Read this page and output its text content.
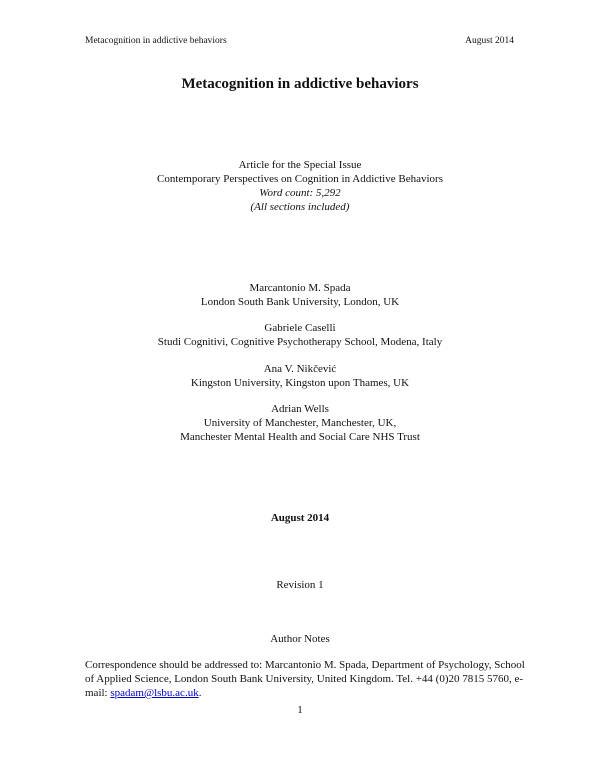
Metacognition in addictive behaviors	August 2014
Metacognition in addictive behaviors
Article for the Special Issue
Contemporary Perspectives on Cognition in Addictive Behaviors
Word count: 5,292
(All sections included)
Marcantonio M. Spada
London South Bank University, London, UK
Gabriele Caselli
Studi Cognitivi, Cognitive Psychotherapy School, Modena, Italy
Ana V. Nikčević
Kingston University, Kingston upon Thames, UK
Adrian Wells
University of Manchester, Manchester, UK,
Manchester Mental Health and Social Care NHS Trust
August 2014
Revision 1
Author Notes
Correspondence should be addressed to: Marcantonio M. Spada, Department of Psychology, School of Applied Science, London South Bank University, United Kingdom. Tel. +44 (0)20 7815 5760, e-mail: spadam@lsbu.ac.uk.
1
